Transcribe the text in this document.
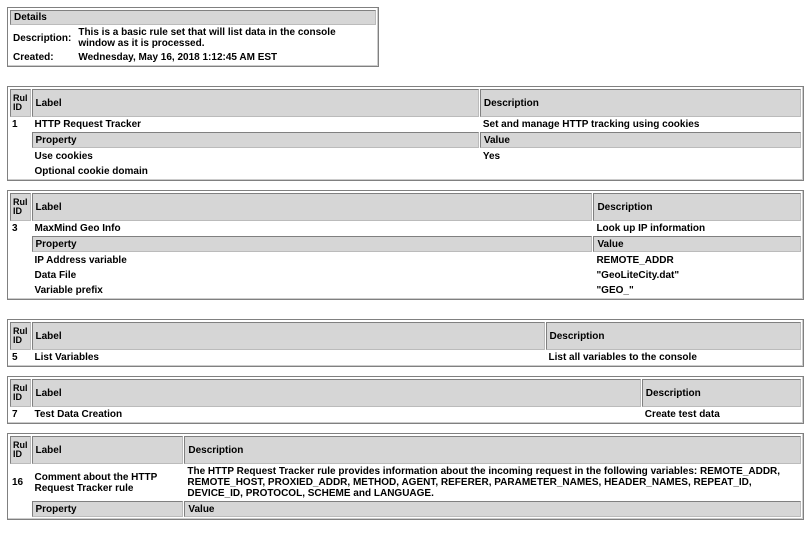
Details	
Description:	This is a basic rule set that will list data in the console window as it is processed.
Created:	Wednesday, May 16, 2018 1:12:45 AM EST
Rul ID	Label	Description
1	HTTP Request Tracker	Set and manage HTTP tracking using cookies
	Property	Value
	Use cookies	Yes
	Optional cookie domain	
Rul ID	Label	Description
3	MaxMind Geo Info	Look up IP information
	Property	Value
	IP Address variable	REMOTE_ADDR
	Data File	"GeoLiteCity.dat"
	Variable prefix	"GEO_"
Rul ID	Label	Description
5	List Variables	List all variables to the console
Rul ID	Label	Description
7	Test Data Creation	Create test data
Rul ID	Label	Description
16	Comment about the HTTP Request Tracker rule	The HTTP Request Tracker rule provides information about the incoming request in the following variables: REMOTE_ADDR, REMOTE_HOST, PROXIED_ADDR, METHOD, AGENT, REFERER, PARAMETER_NAMES, HEADER_NAMES, REPEAT_ID, DEVICE_ID, PROTOCOL, SCHEME and LANGUAGE.
	Property	Value
